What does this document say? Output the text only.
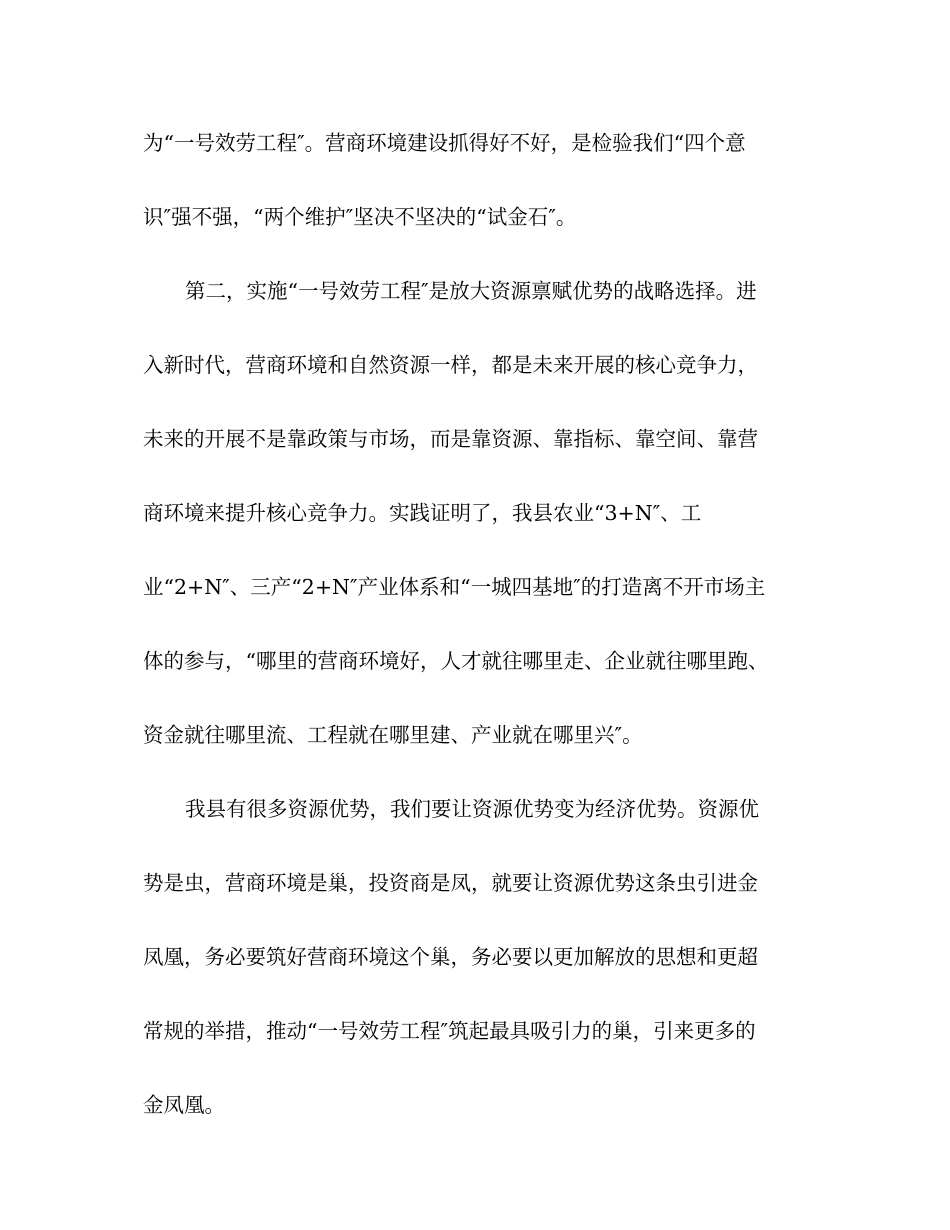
为“一号效劳工程″。营商环境建设抓得好不好，是检验我们“四个意
识″强不强，“两个维护″坚决不坚决的“试金石″。
第二，实施“一号效劳工程″是放大资源禀赋优势的战略选择。进
入新时代，营商环境和自然资源一样，都是未来开展的核心竞争力，
未来的开展不是靠政策与市场，而是靠资源、靠指标、靠空间、靠营
商环境来提升核心竞争力。实践证明了，我县农业“3+N″、工
业“2+N″、三产“2+N″产业体系和“一城四基地″的打造离不开市场主
体的参与，“哪里的营商环境好，人才就往哪里走、企业就往哪里跑、
资金就往哪里流、工程就在哪里建、产业就在哪里兴″。
我县有很多资源优势，我们要让资源优势变为经济优势。资源优
势是虫，营商环境是巢，投资商是凤，就要让资源优势这条虫引进金
凤凰，务必要筑好营商环境这个巢，务必要以更加解放的思想和更超
常规的举措，推动“一号效劳工程″筑起最具吸引力的巢，引来更多的
金凤凰。
